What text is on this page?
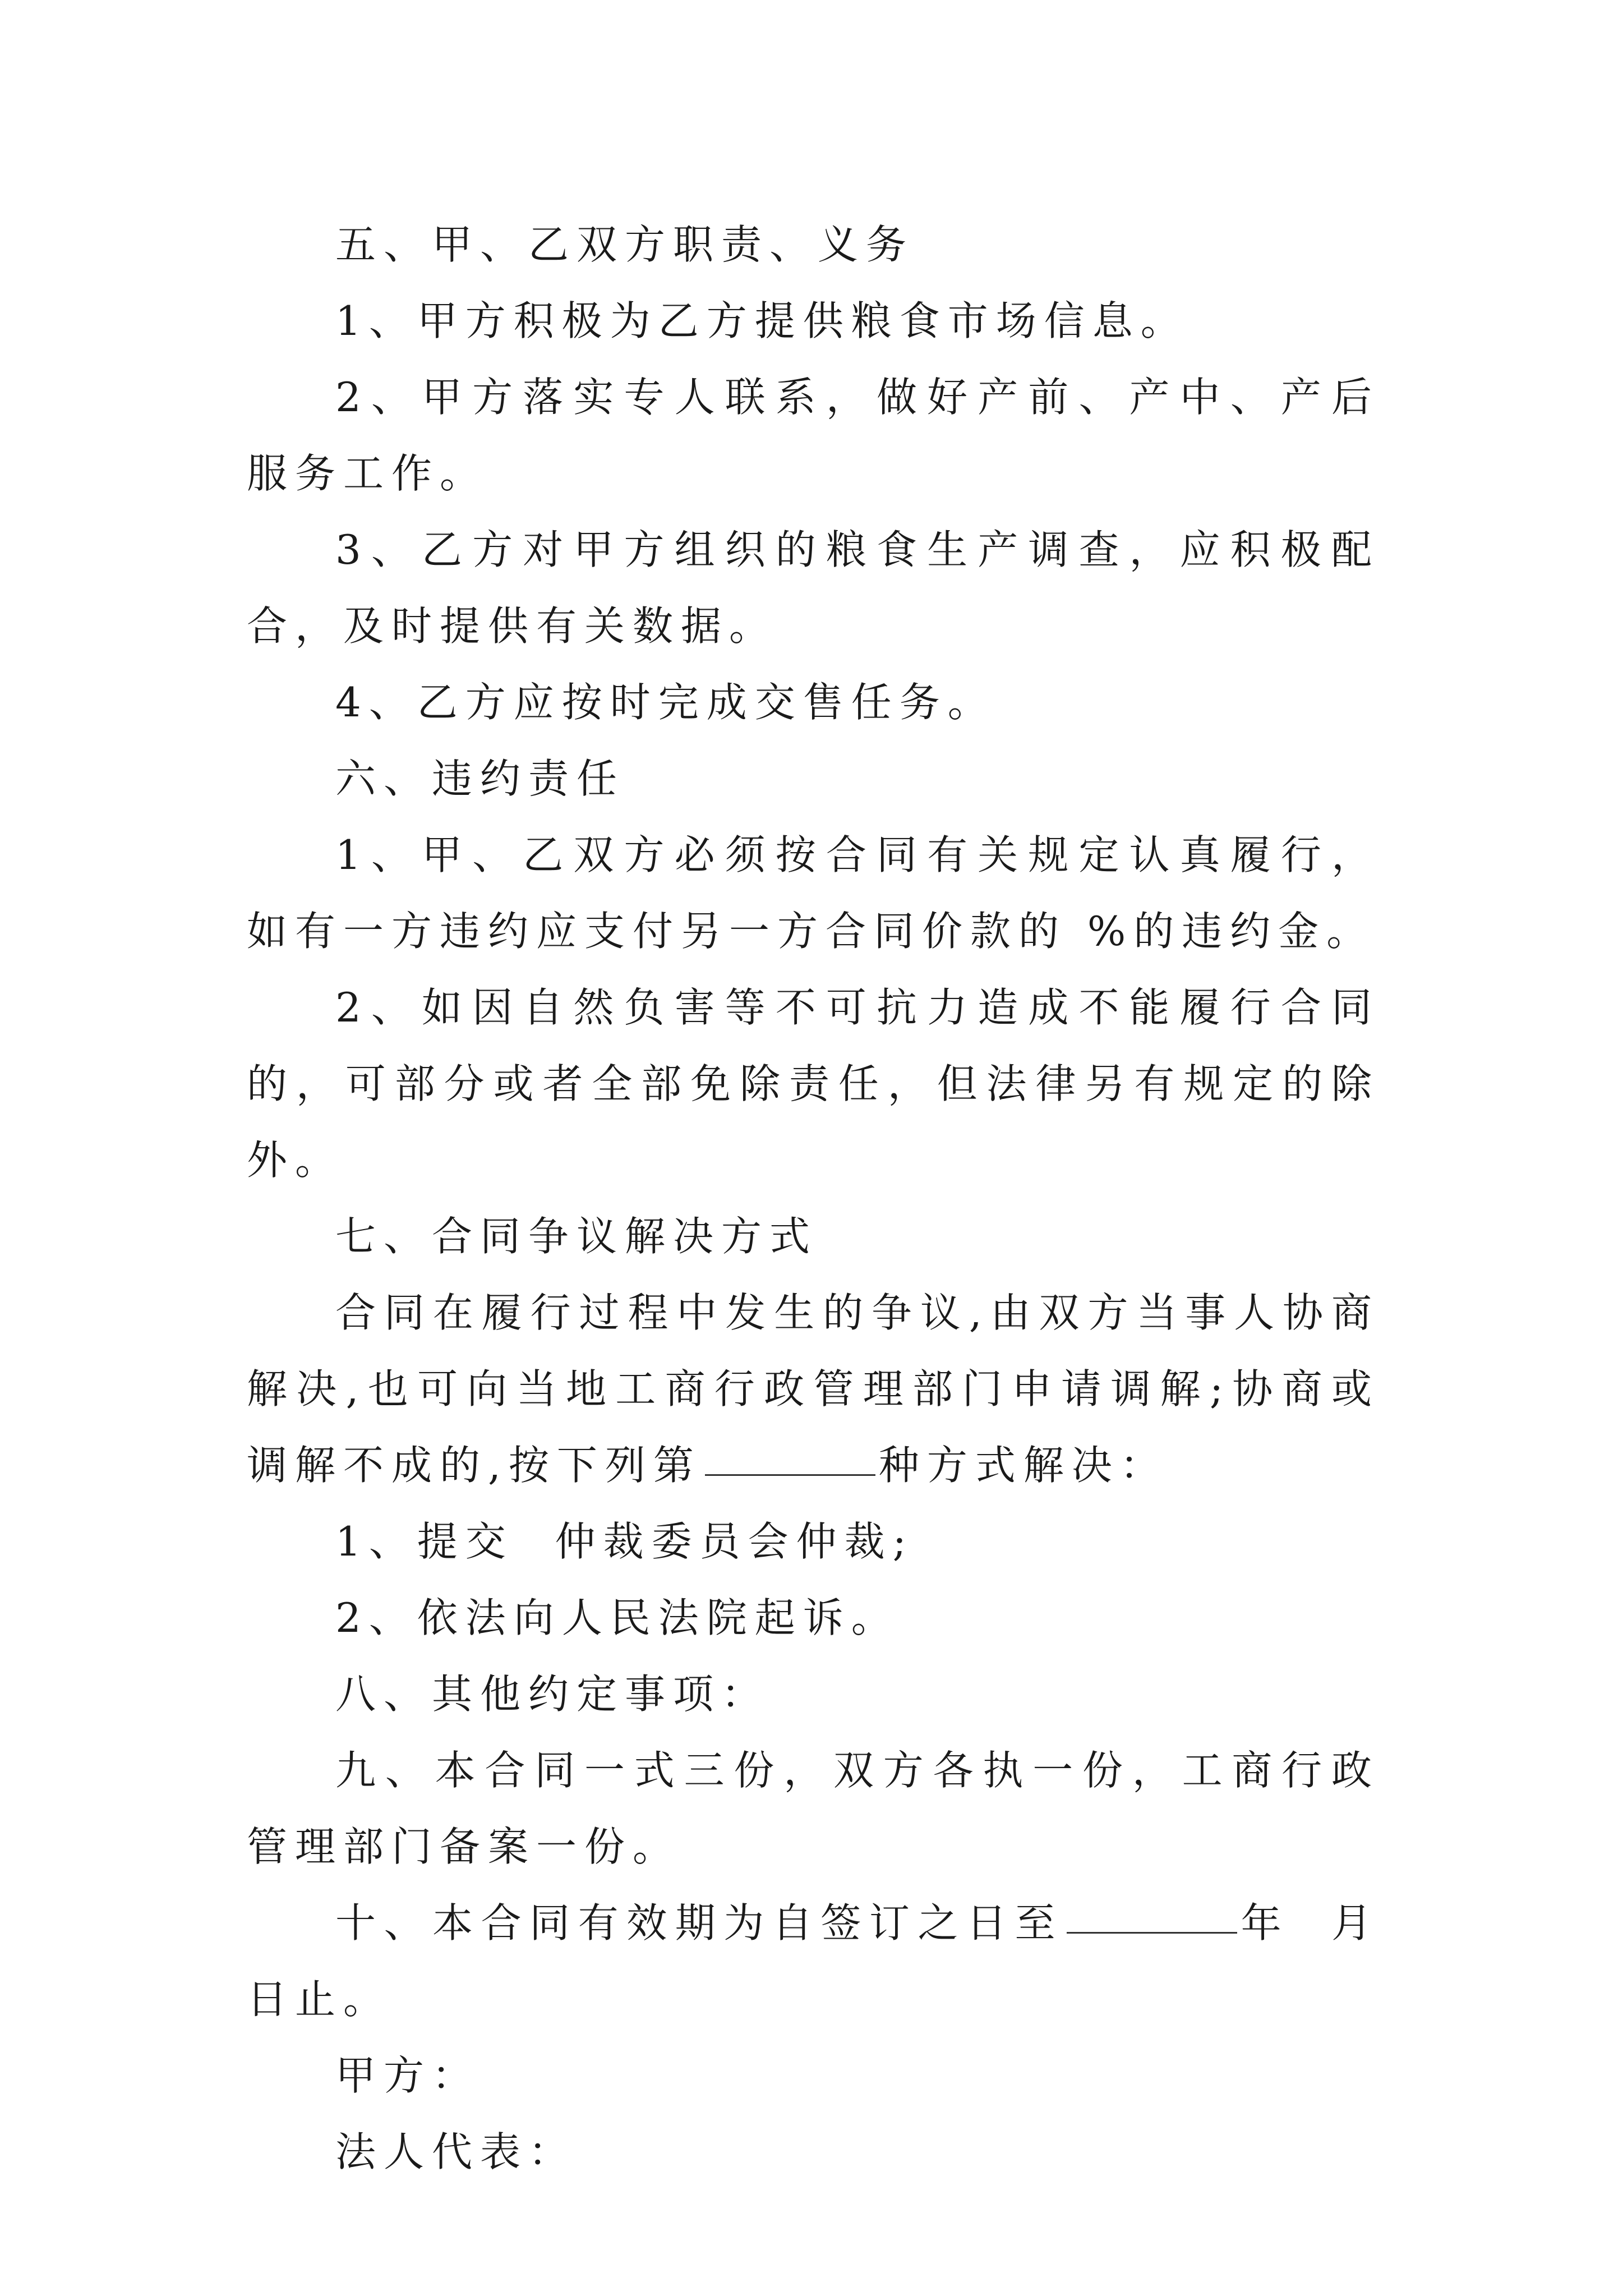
五、甲、乙双方职责、义务

1、甲方积极为乙方提供粮食市场信息。

2、甲方落实专人联系，做好产前、产中、产后服务工作。

3、乙方对甲方组织的粮食生产调查，应积极配合，及时提供有关数据。

4、乙方应按时完成交售任务。

六、违约责任

1、甲、乙双方必须按合同有关规定认真履行，如有一方违约应支付另一方合同价款的 %的违约金。

2、如因自然负害等不可抗力造成不能履行合同的，可部分或者全部免除责任，但法律另有规定的除外。

七、合同争议解决方式

合同在履行过程中发生的争议,由双方当事人协商解决,也可向当地工商行政管理部门申请调解;协商或调解不成的,按下列第	种方式解决：

1、提交  仲裁委员会仲裁;

2、依法向人民法院起诉。

八、其他约定事项：

九、本合同一式三份，双方各执一份，工商行政管理部门备案一份。

十、本合同有效期为自签订之日至	年  月  日止。

甲方：

法人代表：
